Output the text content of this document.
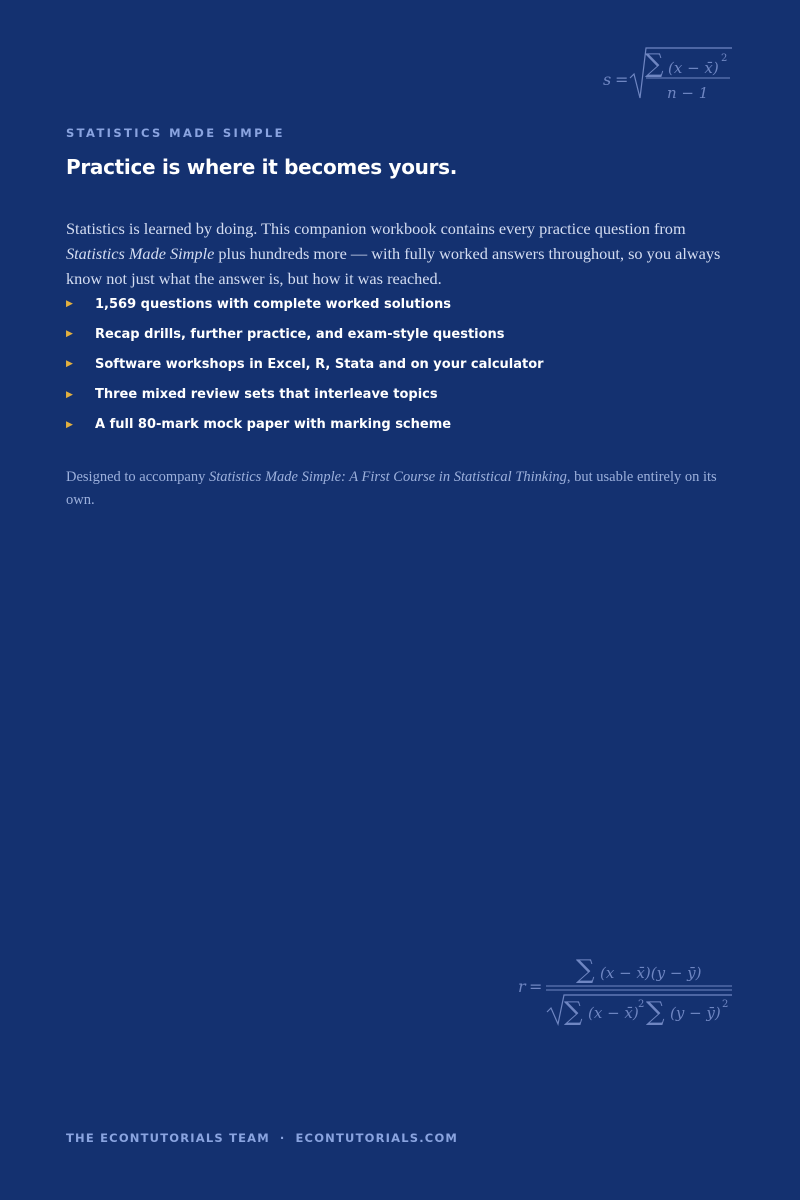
s =
∑ (x − x̄)
2
n − 1
STATISTICS MADE SIMPLE
Practice is where it becomes yours.

Statistics is learned by doing. This companion workbook contains every practice question from Statistics Made Simple plus hundreds more — with fully worked answers throughout, so you always know not just what the answer is, but how it was reached.

▶	1,569 questions with complete worked solutions
▶	Recap drills, further practice, and exam-style questions
▶	Software workshops in Excel, R, Stata and on your calculator
▶	Three mixed review sets that interleave topics
▶	A full 80-mark mock paper with marking scheme

Designed to accompany Statistics Made Simple: A First Course in Statistical Thinking, but usable entirely on its own.

r =
∑ (x − x̄)(y − ȳ)
∑ (x − x̄) 2 ∑ (y − ȳ) 2
THE ECONTUTORIALS TEAM · ECONTUTORIALS.COM
